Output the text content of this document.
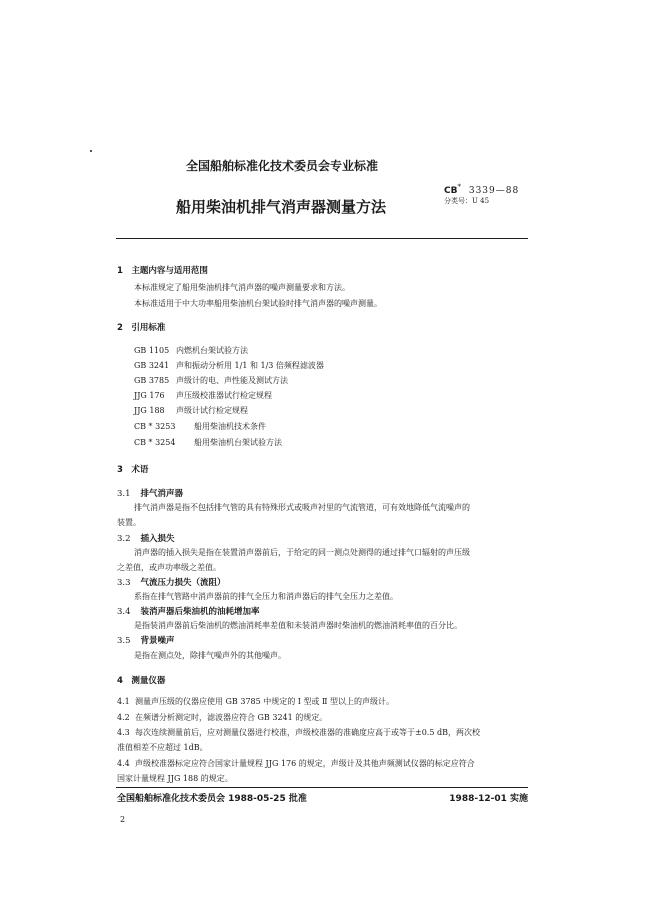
全国船舶标准化技术委员会专业标准
船用柴油机排气消声器测量方法
CB* 3339—88
分类号：U 45
1　主题内容与适用范围
本标准规定了船用柴油机排气消声器的噪声测量要求和方法。
本标准适用于中大功率船用柴油机台架试验时排气消声器的噪声测量。
2　引用标准
GB 1105 内燃机台架试验方法
GB 3241 声和振动分析用 1/1 和 1/3 倍频程滤波器
GB 3785 声级计的电、声性能及测试方法
JJG 176 声压级校准器试行检定规程
JJG 188 声级计试行检定规程
CB * 3253 船用柴油机技术条件
CB * 3254 船用柴油机台架试验方法
3　术语
3.1 排气消声器
排气消声器是指不包括排气管的具有特殊形式或吸声衬里的气流管道，可有效地降低气流噪声的
装置。
3.2 插入损失
消声器的插入损失是指在装置消声器前后，于给定的同一测点处测得的通过排气口辐射的声压级
之差值，或声功率级之差值。
3.3 气流压力损失（流阻）
系指在排气管路中消声器前的排气全压力和消声器后的排气全压力之差值。
3.4 装消声器后柴油机的油耗增加率
是指装消声器前后柴油机的燃油消耗率差值和未装消声器时柴油机的燃油消耗率值的百分比。
3.5 背景噪声
是指在测点处，除排气噪声外的其他噪声。
4　测量仪器
4.1 测量声压级的仪器应使用 GB 3785 中规定的 Ⅰ 型或 Ⅱ 型以上的声级计。
4.2 在频谱分析测定时，滤波器应符合 GB 3241 的规定。
4.3 每次连续测量前后，应对测量仪器进行校准，声级校准器的准确度应高于或等于±0.5 dB，两次校
准值相差不应超过 1dB。
4.4 声级校准器标定应符合国家计量规程 JJG 176 的规定，声级计及其他声频测试仪器的标定应符合
国家计量规程 JJG 188 的规定。
全国船舶标准化技术委员会 1988-05-25 批准	1988-12-01 实施
2
